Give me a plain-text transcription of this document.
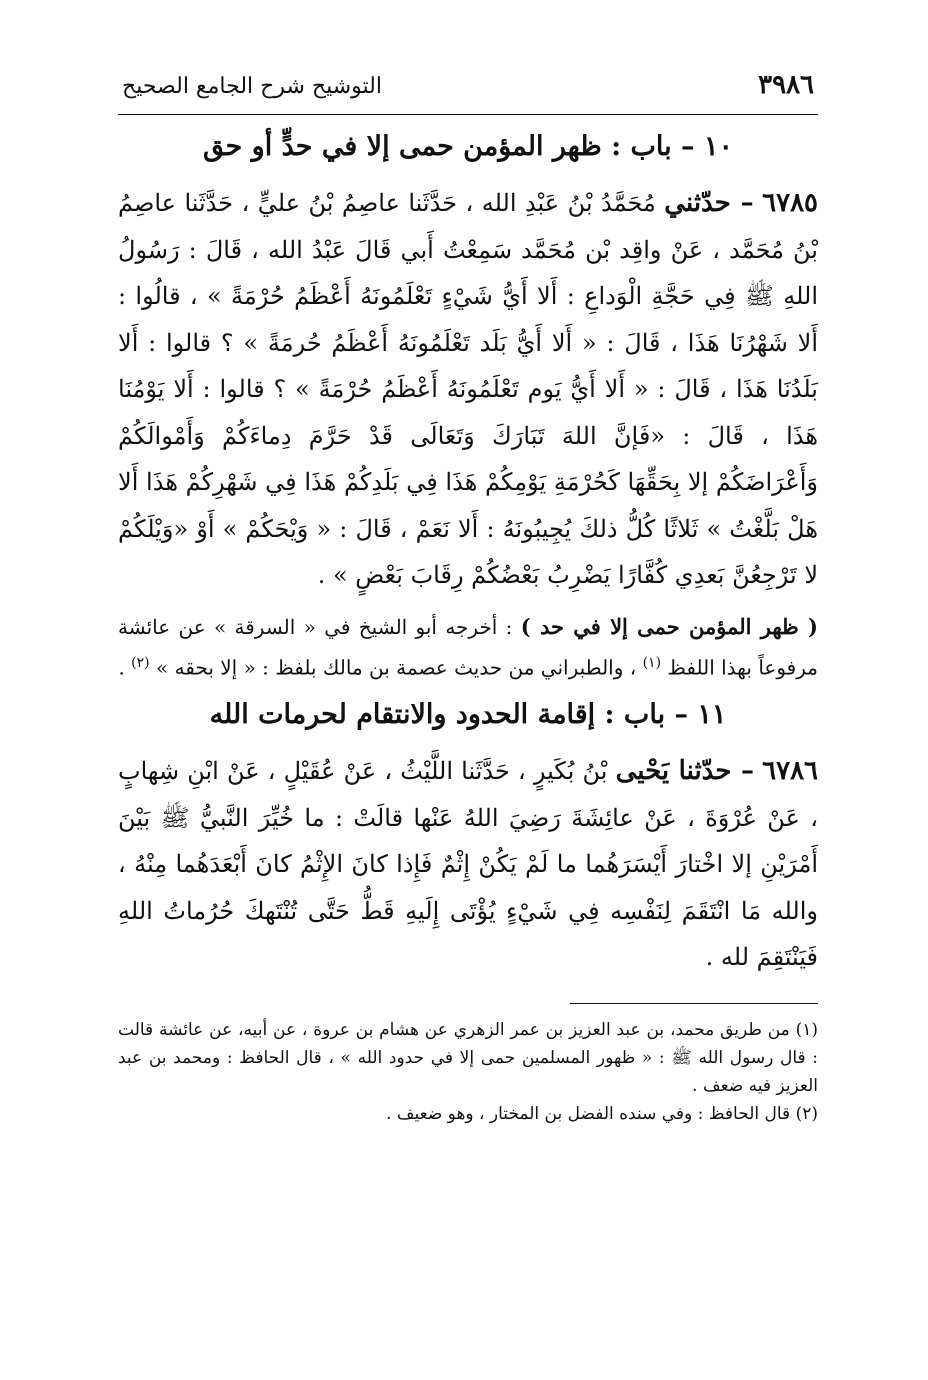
٣٩٨٦
التوشيح شرح الجامع الصحيح
١٠ – باب : ظهر المؤمن حمى إلا في حدٍّ أو حق

٦٧٨٥ – حدّثني مُحَمَّدُ بْنُ عَبْدِ الله ، حَدَّثَنا عاصِمُ بْنُ عليٍّ ، حَدَّثَنا عاصِمُ بْنُ مُحَمَّد ، عَنْ واقِد بْن مُحَمَّد سَمِعْتُ أَبي قَالَ عَبْدُ الله ، قَالَ : رَسُولُ اللهِ ﷺ فِي حَجَّةِ الْوَداعِ : أَلا أَيُّ شَيْءٍ تَعْلَمُونَهُ أَعْظَمُ حُرْمَةً » ، قالُوا : أَلا شَهْرُنَا هَذَا ، قَالَ : « أَلا أَيُّ بَلَد تَعْلَمُونَهُ أَعْظَمُ حُرمَةً » ؟ قالوا : أَلا بَلَدُنَا هَذَا ، قَالَ : « أَلا أَيُّ يَوم تَعْلَمُونَهُ أَعْظَمُ حُرْمَةً » ؟ قالوا : أَلا يَوْمُنَا هَذَا ، قَالَ : «فَإنَّ اللهَ تَبَارَكَ وَتَعَالَى قَدْ حَرَّمَ دِماءَكُمْ وَأَمْوالَكُمْ وَأَعْرَاضَكُمْ إلا بِحَقِّهَا كَحُرْمَةِ يَوْمِكُمْ هَذَا فِي بَلَدِكُمْ هَذَا فِي شَهْرِكُمْ هَذَا أَلا هَلْ بَلَّغْتُ » ثَلاثًا كُلُّ ذلكَ يُجِيبُونَهُ : أَلا نَعَمْ ، قَالَ : « وَيْحَكُمْ » أَوْ «وَيْلَكُمْ لا تَرْجِعُنَّ بَعدِي كُفَّارًا يَضْرِبُ بَعْضُكُمْ رِقَابَ بَعْضٍ » .

( ظهر المؤمن حمى إلا في حد ) : أخرجه أبو الشيخ في « السرقة » عن عائشة مرفوعاً بهذا اللفظ $^{(١)}$ ، والطبراني من حديث عصمة بن مالك بلفظ : « إلا بحقه » $^{(٢)}$ .

١١ – باب : إقامة الحدود والانتقام لحرمات الله

٦٧٨٦ – حدّثنا يَحْيى بْنُ بُكَيرٍ ، حَدَّثَنا اللَّيْثُ ، عَنْ عُقَيْلٍ ، عَنْ ابْنِ شِهابٍ ، عَنْ عُرْوَةَ ، عَنْ عائِشَةَ رَضِيَ اللهُ عَنْها قالَتْ : ما خُيِّرَ النَّبيُّ ﷺ بَيْنَ أَمْرَيْنِ إلا اخْتارَ أَيْسَرَهُما ما لَمْ يَكُنْ إِثْمٌ فَإِذا كانَ الإِثْمُ كانَ أَبْعَدَهُما مِنْهُ ، والله مَا انْتَقَمَ لِنَفْسِه فِي شَيْءٍ يُؤْتَى إِلَيهِ قَطُّ حَتَّى تُنْتَهكَ حُرُماتُ اللهِ فَيَنْتَقِمَ لله .

(١) من طريق محمد، بن عبد العزيز بن عمر الزهري عن هشام بن عروة ، عن أبيه، عن عائشة قالت : قال رسول الله ﷺ : « ظهور المسلمين حمى إلا في حدود الله » ، قال الحافظ : ومحمد بن عبد العزيز فيه ضعف .

(٢) قال الحافظ : وفي سنده الفضل بن المختار ، وهو ضعيف .
